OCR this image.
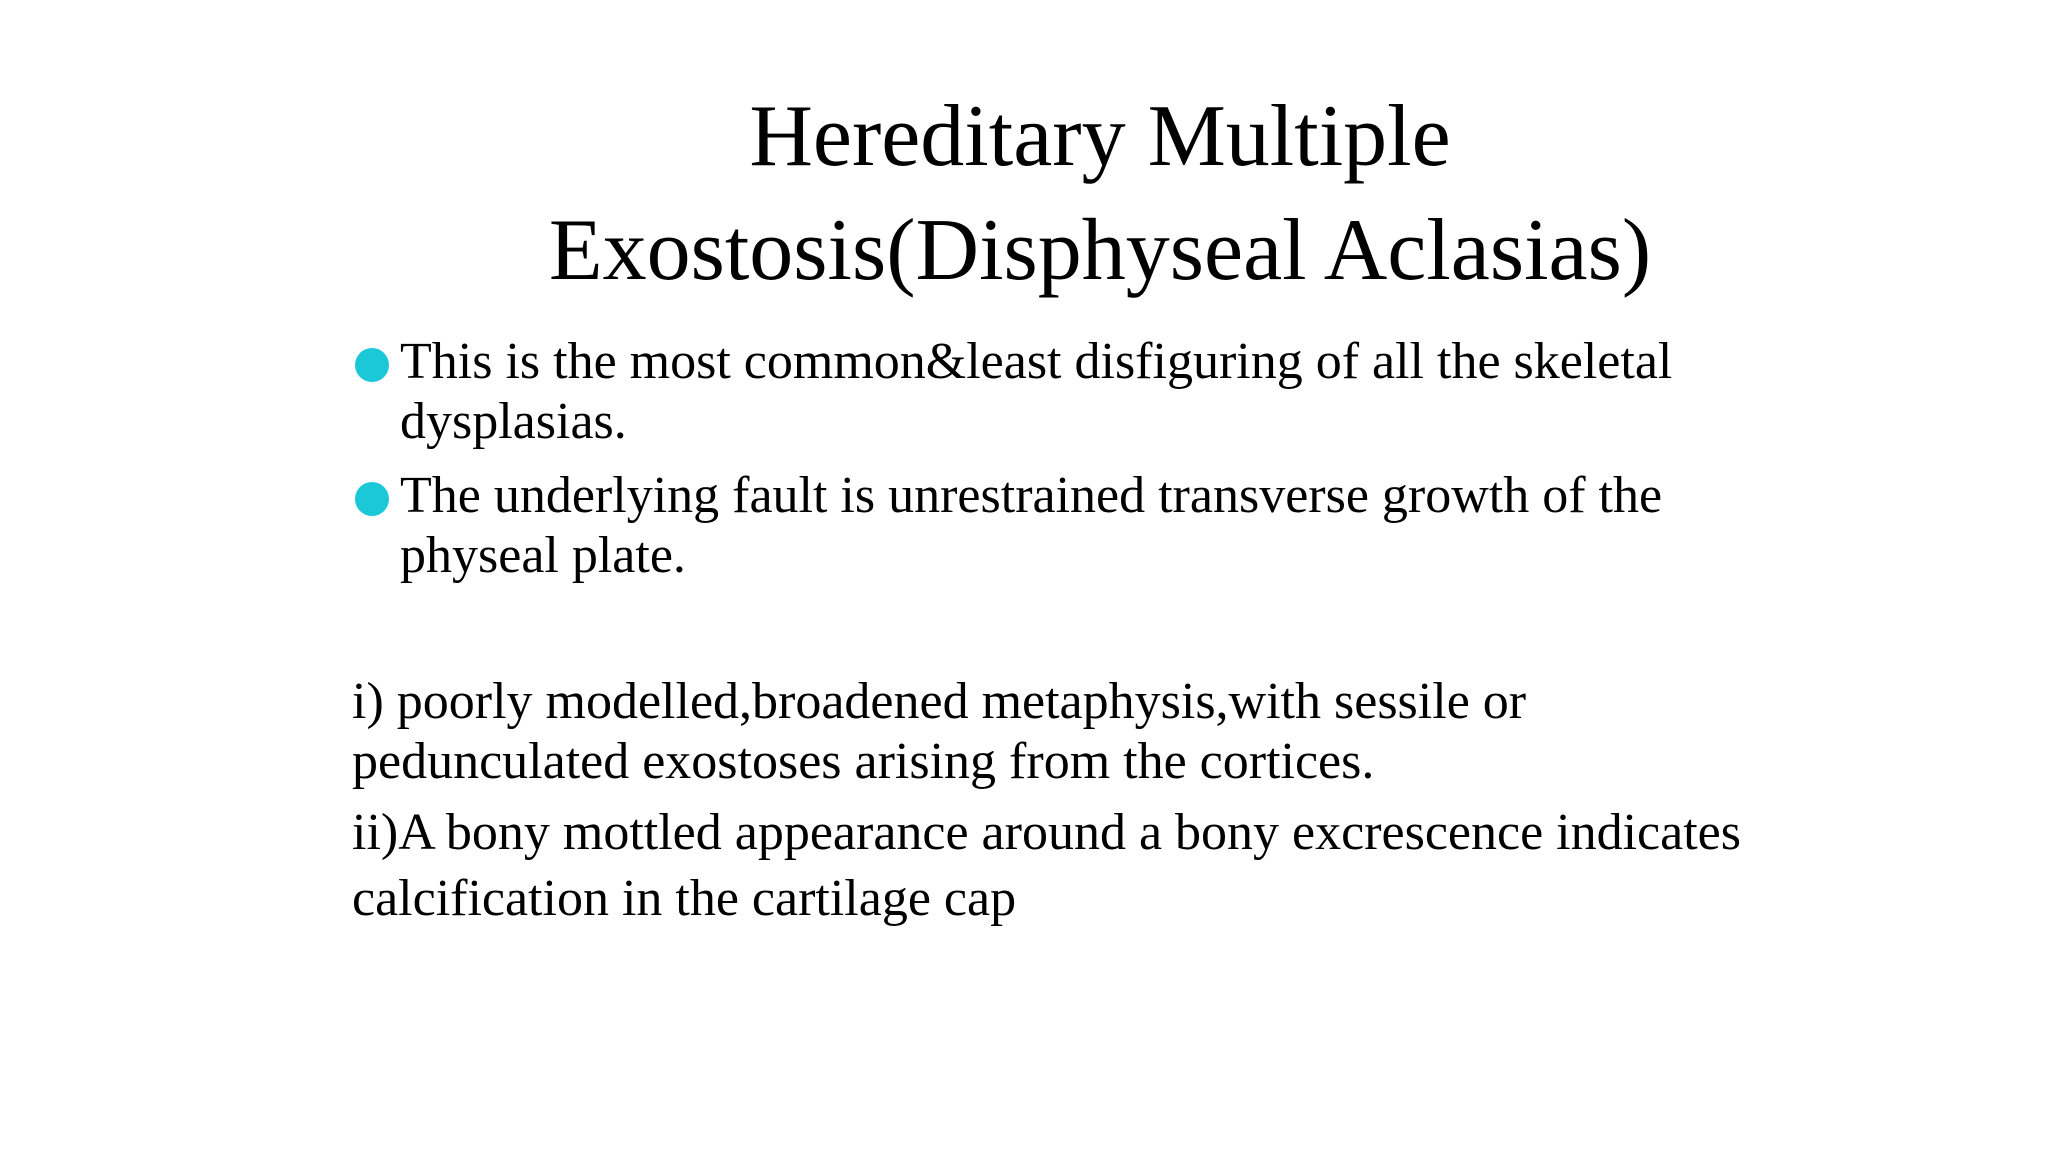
Hereditary Multiple
Exostosis(Disphyseal Aclasias)
This is the most common&least disfiguring of all the skeletal dysplasias.
The underlying fault is unrestrained transverse growth of the physeal plate.
i) poorly modelled,broadened metaphysis,with sessile or pedunculated exostoses arising from the cortices.
ii)A bony mottled appearance around a bony excrescence indicates calcification in the cartilage cap
